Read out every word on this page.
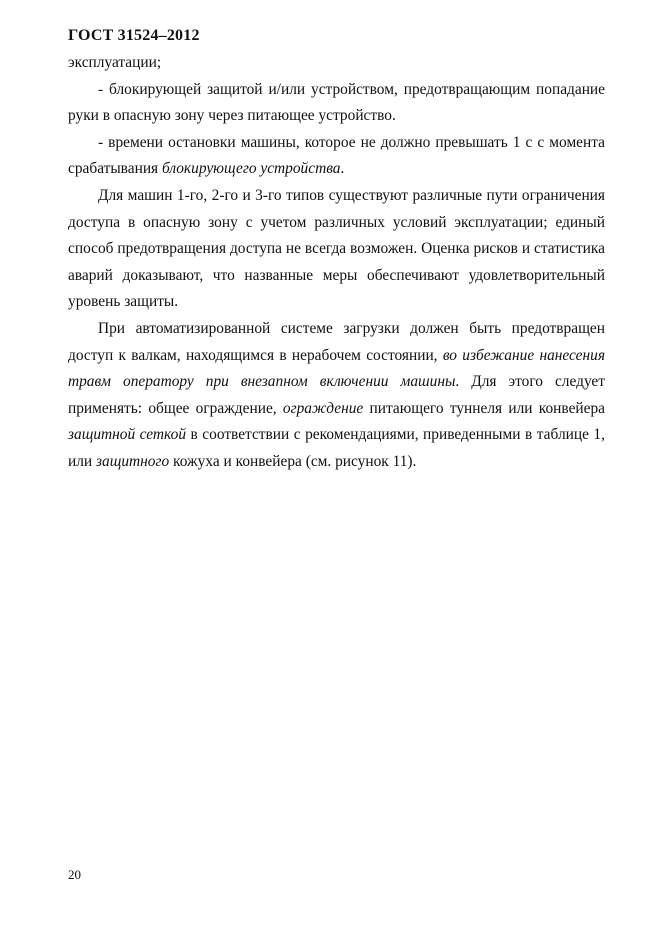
ГОСТ 31524–2012

эксплуатации;

- блокирующей защитой и/или устройством, предотвращающим попадание руки в опасную зону через питающее устройство.

- времени остановки машины, которое не должно превышать 1 с с момента срабатывания блокирующего устройства.

Для машин 1-го, 2-го и 3-го типов существуют различные пути ограничения доступа в опасную зону с учетом различных условий эксплуатации; единый способ предотвращения доступа не всегда возможен. Оценка рисков и статистика аварий доказывают, что названные меры обеспечивают удовлетворительный уровень защиты.

При автоматизированной системе загрузки должен быть предотвращен доступ к валкам, находящимся в нерабочем состоянии, во избежание нанесения травм оператору при внезапном включении машины. Для этого следует применять: общее ограждение, ограждение питающего туннеля или конвейера защитной сеткой в соответствии с рекомендациями, приведенными в таблице 1, или защитного кожуха и конвейера (см. рисунок 11).

20
